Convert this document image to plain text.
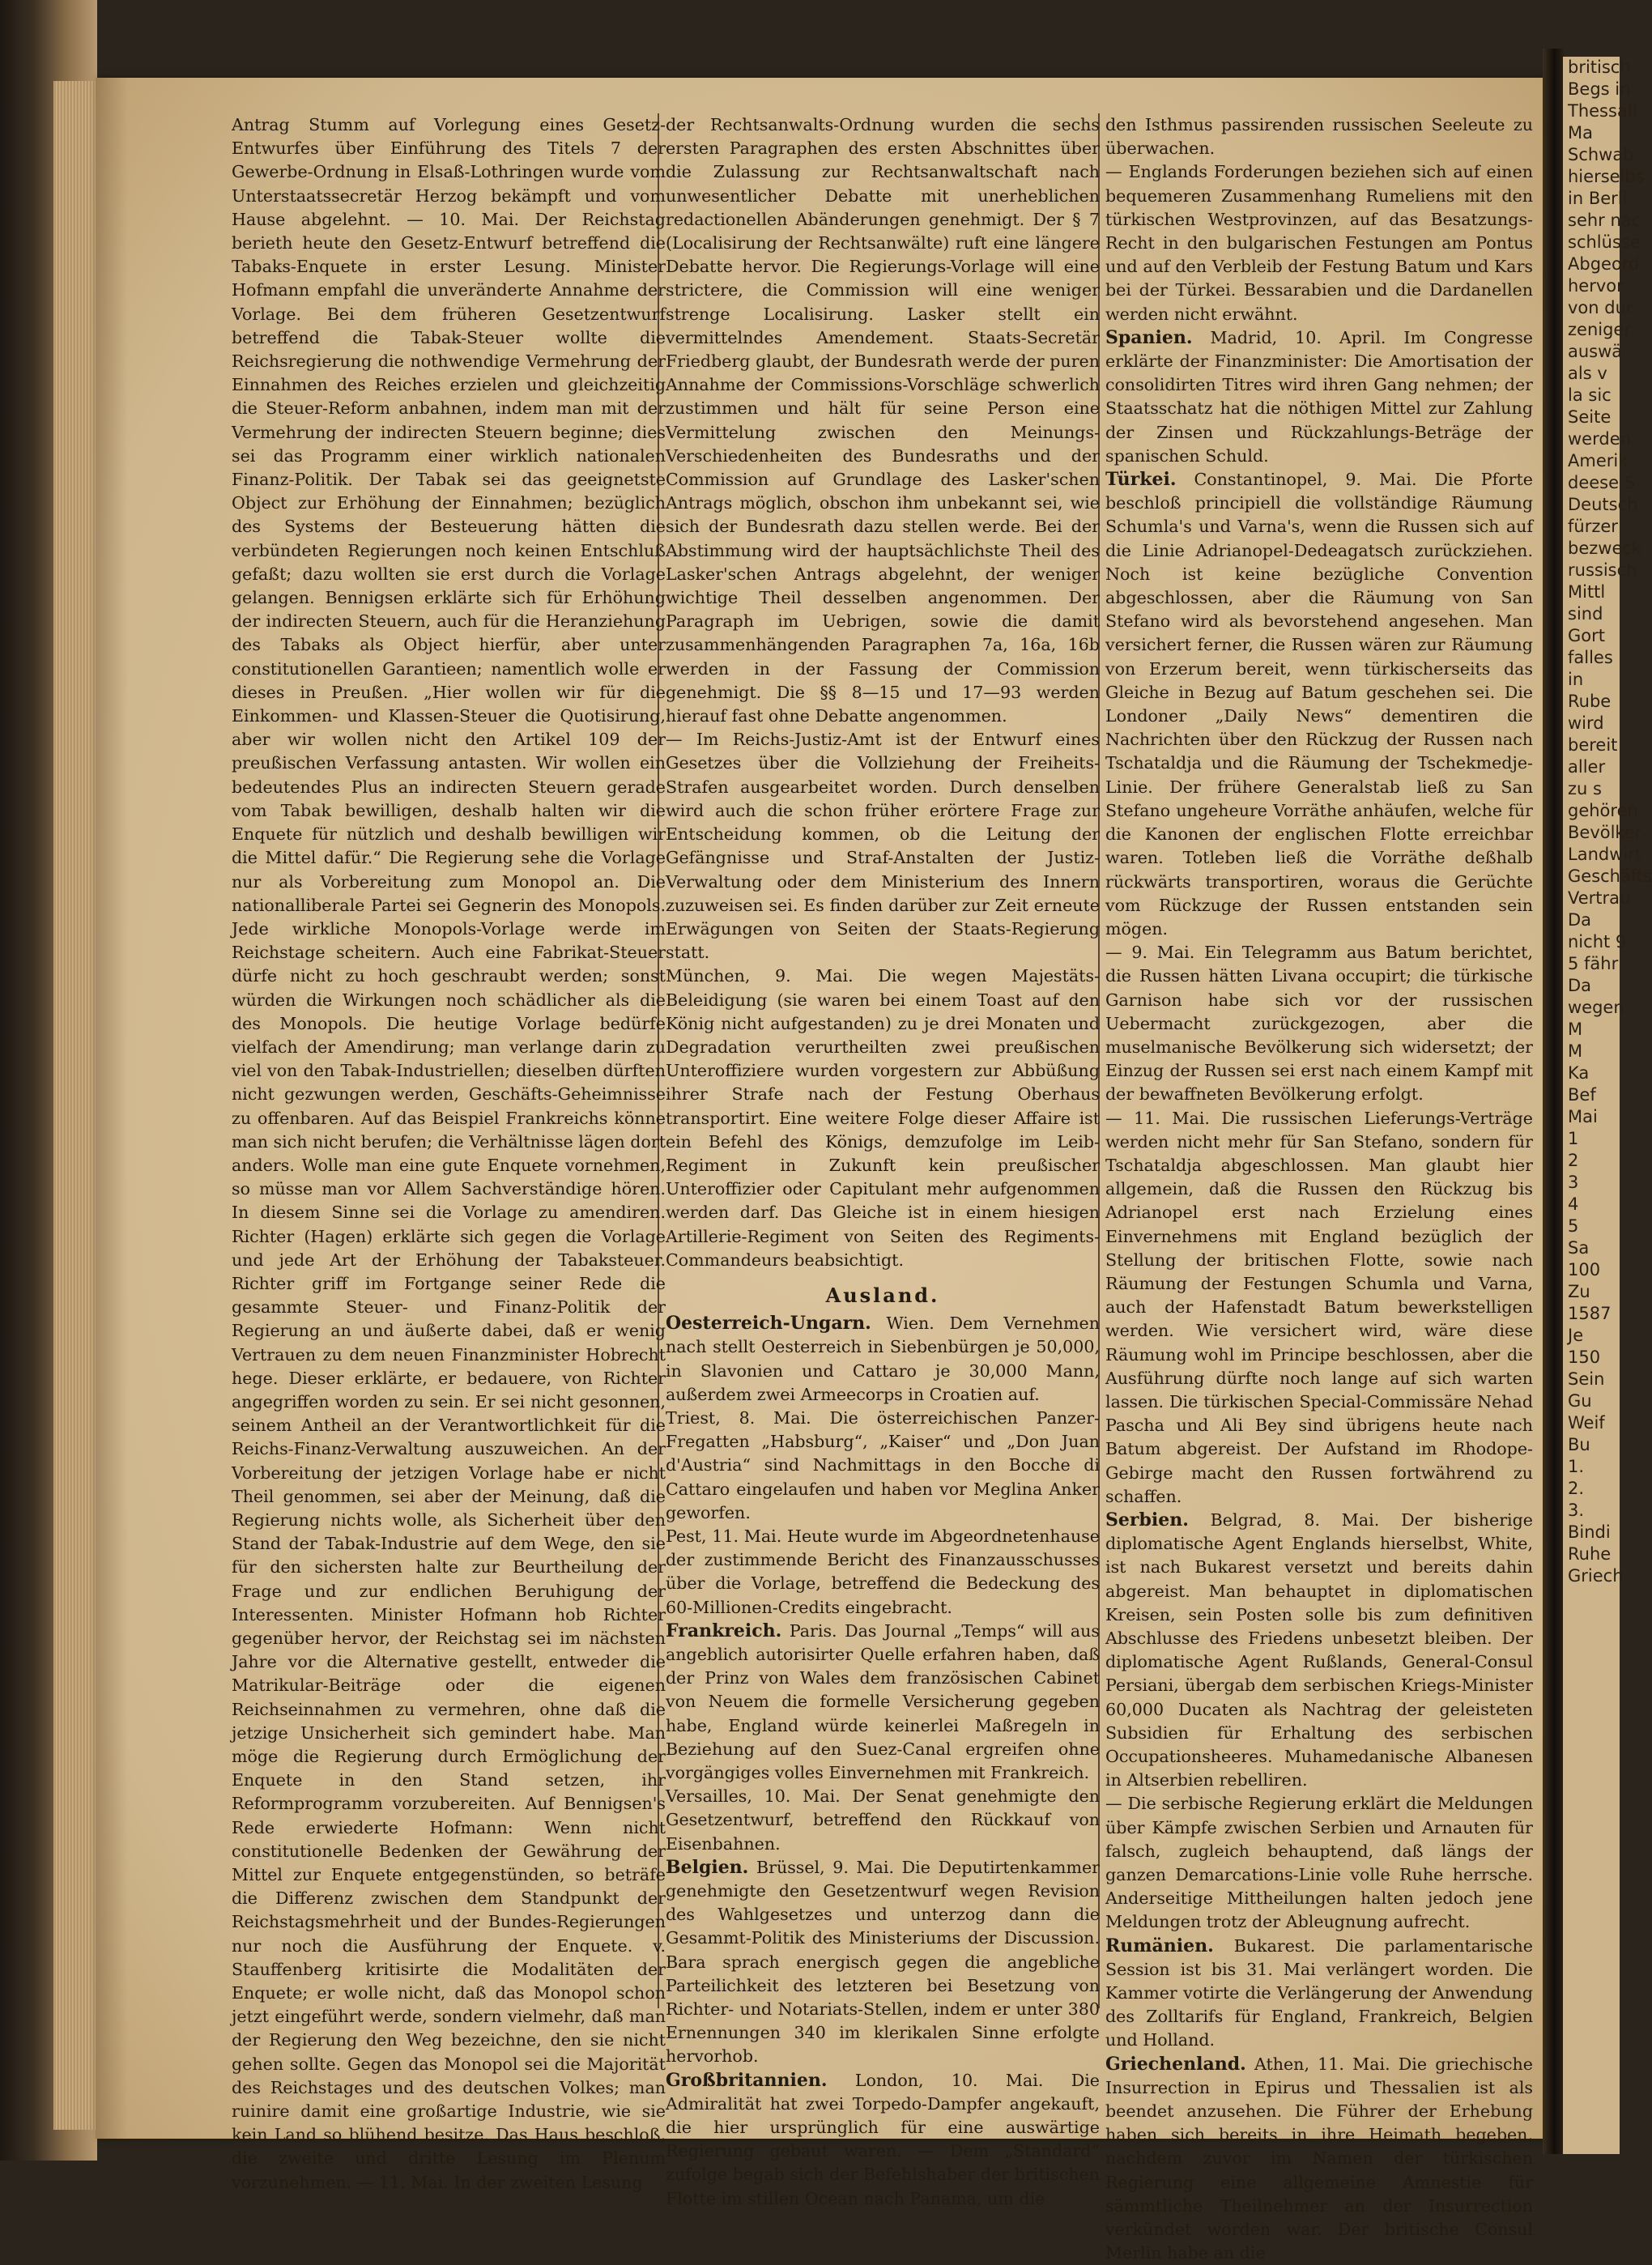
Antrag Stumm auf Vorlegung eines Gesetz-Entwurfes über Einführung des Titels 7 der Gewerbe-Ordnung in Elsaß-Lothringen wurde vom Unterstaatssecretär Herzog bekämpft und vom Hause abgelehnt. — 10. Mai. Der Reichstag berieth heute den Gesetz-Entwurf betreffend die Tabaks-Enquete in erster Lesung. Minister Hofmann empfahl die unveränderte Annahme der Vorlage. Bei dem früheren Gesetzentwurf betreffend die Tabak-Steuer wollte die Reichsregierung die nothwendige Vermehrung der Einnahmen des Reiches erzielen und gleichzeitig die Steuer-Reform anbahnen, indem man mit der Vermehrung der indirecten Steuern beginne; dies sei das Programm einer wirklich nationalen Finanz-Politik. Der Tabak sei das geeignetste Object zur Erhöhung der Einnahmen; bezüglich des Systems der Besteuerung hätten die verbündeten Regierungen noch keinen Entschluß gefaßt; dazu wollten sie erst durch die Vorlage gelangen. Bennigsen erklärte sich für Erhöhung der indirecten Steuern, auch für die Heranziehung des Tabaks als Object hierfür, aber unter constitutionellen Garantieen; namentlich wolle er dieses in Preußen. „Hier wollen wir für die Einkommen- und Klassen-Steuer die Quotisirung, aber wir wollen nicht den Artikel 109 der preußischen Verfassung antasten. Wir wollen ein bedeutendes Plus an indirecten Steuern gerade vom Tabak bewilligen, deshalb halten wir die Enquete für nützlich und deshalb bewilligen wir die Mittel dafür.“ Die Regierung sehe die Vorlage nur als Vorbereitung zum Monopol an. Die nationalliberale Partei sei Gegnerin des Monopols. Jede wirkliche Monopols-Vorlage werde im Reichstage scheitern. Auch eine Fabrikat-Steuer dürfe nicht zu hoch geschraubt werden; sonst würden die Wirkungen noch schädlicher als die des Monopols. Die heutige Vorlage bedürfe vielfach der Amendirung; man verlange darin zu viel von den Tabak-Industriellen; dieselben dürften nicht gezwungen werden, Geschäfts-Geheimnisse zu offenbaren. Auf das Beispiel Frankreichs könne man sich nicht berufen; die Verhältnisse lägen dort anders. Wolle man eine gute Enquete vornehmen, so müsse man vor Allem Sachverständige hören. In diesem Sinne sei die Vorlage zu amendiren. Richter (Hagen) erklärte sich gegen die Vorlage und jede Art der Erhöhung der Tabaksteuer. Richter griff im Fortgange seiner Rede die gesammte Steuer- und Finanz-Politik der Regierung an und äußerte dabei, daß er wenig Vertrauen zu dem neuen Finanzminister Hobrecht hege. Dieser erklärte, er bedauere, von Richter angegriffen worden zu sein. Er sei nicht gesonnen, seinem Antheil an der Verantwortlichkeit für die Reichs-Finanz-Verwaltung auszuweichen. An der Vorbereitung der jetzigen Vorlage habe er nicht Theil genommen, sei aber der Meinung, daß die Regierung nichts wolle, als Sicherheit über den Stand der Tabak-Industrie auf dem Wege, den sie für den sichersten halte zur Beurtheilung der Frage und zur endlichen Beruhigung der Interessenten. Minister Hofmann hob Richter gegenüber hervor, der Reichstag sei im nächsten Jahre vor die Alternative gestellt, entweder die Matrikular-Beiträge oder die eigenen Reichseinnahmen zu vermehren, ohne daß die jetzige Unsicherheit sich gemindert habe. Man möge die Regierung durch Ermöglichung der Enquete in den Stand setzen, ihr Reformprogramm vorzubereiten. Auf Bennigsen's Rede erwiederte Hofmann: Wenn nicht constitutionelle Bedenken der Gewährung der Mittel zur Enquete entgegenstünden, so beträfe die Differenz zwischen dem Standpunkt der Reichstagsmehrheit und der Bundes-Regierungen nur noch die Ausführung der Enquete. v. Stauffenberg kritisirte die Modalitäten der Enquete; er wolle nicht, daß das Monopol schon jetzt eingeführt werde, sondern vielmehr, daß man der Regierung den Weg bezeichne, den sie nicht gehen sollte. Gegen das Monopol sei die Majorität des Reichstages und des deutschen Volkes; man ruinire damit eine großartige Industrie, wie sie kein Land so blühend besitze. Das Haus beschloß, die zweite und dritte Lesung im Plenum vorzunehmen. — 11. Mai. In der zweiten Lesung

der Rechtsanwalts-Ordnung wurden die sechs ersten Paragraphen des ersten Abschnittes über die Zulassung zur Rechtsanwaltschaft nach unwesentlicher Debatte mit unerheblichen redactionellen Abänderungen genehmigt. Der § 7 (Localisirung der Rechtsanwälte) ruft eine längere Debatte hervor. Die Regierungs-Vorlage will eine strictere, die Commission will eine weniger strenge Localisirung. Lasker stellt ein vermittelndes Amendement. Staats-Secretär Friedberg glaubt, der Bundesrath werde der puren Annahme der Commissions-Vorschläge schwerlich zustimmen und hält für seine Person eine Vermittelung zwischen den Meinungs-Verschiedenheiten des Bundesraths und der Commission auf Grundlage des Lasker'schen Antrags möglich, obschon ihm unbekannt sei, wie sich der Bundesrath dazu stellen werde. Bei der Abstimmung wird der hauptsächlichste Theil des Lasker'schen Antrags abgelehnt, der weniger wichtige Theil desselben angenommen. Der Paragraph im Uebrigen, sowie die damit zusammenhängenden Paragraphen 7a, 16a, 16b werden in der Fassung der Commission genehmigt. Die §§ 8—15 und 17—93 werden hierauf fast ohne Debatte angenommen.

— Im Reichs-Justiz-Amt ist der Entwurf eines Gesetzes über die Vollziehung der Freiheits-Strafen ausgearbeitet worden. Durch denselben wird auch die schon früher erörtere Frage zur Entscheidung kommen, ob die Leitung der Gefängnisse und Straf-Anstalten der Justiz-Verwaltung oder dem Ministerium des Innern zuzuweisen sei. Es finden darüber zur Zeit erneute Erwägungen von Seiten der Staats-Regierung statt.

München, 9. Mai. Die wegen Majestäts-Beleidigung (sie waren bei einem Toast auf den König nicht aufgestanden) zu je drei Monaten und Degradation verurtheilten zwei preußischen Unteroffiziere wurden vorgestern zur Abbüßung ihrer Strafe nach der Festung Oberhaus transportirt. Eine weitere Folge dieser Affaire ist ein Befehl des Königs, demzufolge im Leib-Regiment in Zukunft kein preußischer Unteroffizier oder Capitulant mehr aufgenommen werden darf. Das Gleiche ist in einem hiesigen Artillerie-Regiment von Seiten des Regiments-Commandeurs beabsichtigt.

Ausland.

Oesterreich-Ungarn. Wien. Dem Vernehmen nach stellt Oesterreich in Siebenbürgen je 50,000, in Slavonien und Cattaro je 30,000 Mann, außerdem zwei Armeecorps in Croatien auf.

Triest, 8. Mai. Die österreichischen Panzer-Fregatten „Habsburg“, „Kaiser“ und „Don Juan d'Austria“ sind Nachmittags in den Bocche di Cattaro eingelaufen und haben vor Meglina Anker geworfen.

Pest, 11. Mai. Heute wurde im Abgeordnetenhause der zustimmende Bericht des Finanzausschusses über die Vorlage, betreffend die Bedeckung des 60-Millionen-Credits eingebracht.

Frankreich. Paris. Das Journal „Temps“ will aus angeblich autorisirter Quelle erfahren haben, daß der Prinz von Wales dem französischen Cabinet von Neuem die formelle Versicherung gegeben habe, England würde keinerlei Maßregeln in Beziehung auf den Suez-Canal ergreifen ohne vorgängiges volles Einvernehmen mit Frankreich.

Versailles, 10. Mai. Der Senat genehmigte den Gesetzentwurf, betreffend den Rückkauf von Eisenbahnen.

Belgien. Brüssel, 9. Mai. Die Deputirtenkammer genehmigte den Gesetzentwurf wegen Revision des Wahlgesetzes und unterzog dann die Gesammt-Politik des Ministeriums der Discussion. Bara sprach energisch gegen die angebliche Parteilichkeit des letzteren bei Besetzung von Richter- und Notariats-Stellen, indem er unter 380 Ernennungen 340 im klerikalen Sinne erfolgte hervorhob.

Großbritannien. London, 10. Mai. Die Admiralität hat zwei Torpedo-Dampfer angekauft, die hier ursprünglich für eine auswärtige Regierung gebaut waren. — Dem „Standard“ zufolge begab sich der Befehlshaber der britischen Flotte im stillen Ocean nach Panama, um die

den Isthmus passirenden russischen Seeleute zu überwachen.

— Englands Forderungen beziehen sich auf einen bequemeren Zusammenhang Rumeliens mit den türkischen Westprovinzen, auf das Besatzungs-Recht in den bulgarischen Festungen am Pontus und auf den Verbleib der Festung Batum und Kars bei der Türkei. Bessarabien und die Dardanellen werden nicht erwähnt.

Spanien. Madrid, 10. April. Im Congresse erklärte der Finanzminister: Die Amortisation der consolidirten Titres wird ihren Gang nehmen; der Staatsschatz hat die nöthigen Mittel zur Zahlung der Zinsen und Rückzahlungs-Beträge der spanischen Schuld.

Türkei. Constantinopel, 9. Mai. Die Pforte beschloß principiell die vollständige Räumung Schumla's und Varna's, wenn die Russen sich auf die Linie Adrianopel-Dedeagatsch zurückziehen. Noch ist keine bezügliche Convention abgeschlossen, aber die Räumung von San Stefano wird als bevorstehend angesehen. Man versichert ferner, die Russen wären zur Räumung von Erzerum bereit, wenn türkischerseits das Gleiche in Bezug auf Batum geschehen sei. Die Londoner „Daily News“ dementiren die Nachrichten über den Rückzug der Russen nach Tschataldja und die Räumung der Tschekmedje-Linie. Der frühere Generalstab ließ zu San Stefano ungeheure Vorräthe anhäufen, welche für die Kanonen der englischen Flotte erreichbar waren. Totleben ließ die Vorräthe deßhalb rückwärts transportiren, woraus die Gerüchte vom Rückzuge der Russen entstanden sein mögen.

— 9. Mai. Ein Telegramm aus Batum berichtet, die Russen hätten Livana occupirt; die türkische Garnison habe sich vor der russischen Uebermacht zurückgezogen, aber die muselmanische Bevölkerung sich widersetzt; der Einzug der Russen sei erst nach einem Kampf mit der bewaffneten Bevölkerung erfolgt.

— 11. Mai. Die russischen Lieferungs-Verträge werden nicht mehr für San Stefano, sondern für Tschataldja abgeschlossen. Man glaubt hier allgemein, daß die Russen den Rückzug bis Adrianopel erst nach Erzielung eines Einvernehmens mit England bezüglich der Stellung der britischen Flotte, sowie nach Räumung der Festungen Schumla und Varna, auch der Hafenstadt Batum bewerkstelligen werden. Wie versichert wird, wäre diese Räumung wohl im Principe beschlossen, aber die Ausführung dürfte noch lange auf sich warten lassen. Die türkischen Special-Commissäre Nehad Pascha und Ali Bey sind übrigens heute nach Batum abgereist. Der Aufstand im Rhodope-Gebirge macht den Russen fortwährend zu schaffen.

Serbien. Belgrad, 8. Mai. Der bisherige diplomatische Agent Englands hierselbst, White, ist nach Bukarest versetzt und bereits dahin abgereist. Man behauptet in diplomatischen Kreisen, sein Posten solle bis zum definitiven Abschlusse des Friedens unbesetzt bleiben. Der diplomatische Agent Rußlands, General-Consul Persiani, übergab dem serbischen Kriegs-Minister 60,000 Ducaten als Nachtrag der geleisteten Subsidien für Erhaltung des serbischen Occupationsheeres. Muhamedanische Albanesen in Altserbien rebelliren.

— Die serbische Regierung erklärt die Meldungen über Kämpfe zwischen Serbien und Arnauten für falsch, zugleich behauptend, daß längs der ganzen Demarcations-Linie volle Ruhe herrsche. Anderseitige Mittheilungen halten jedoch jene Meldungen trotz der Ableugnung aufrecht.

Rumänien. Bukarest. Die parlamentarische Session ist bis 31. Mai verlängert worden. Die Kammer votirte die Verlängerung der Anwendung des Zolltarifs für England, Frankreich, Belgien und Holland.

Griechenland. Athen, 11. Mai. Die griechische Insurrection in Epirus und Thessalien ist als beendet anzusehen. Die Führer der Erhebung haben sich bereits in ihre Heimath begeben, nachdem zuvor im Namen der türkischen Regierung eine allgemeine Amnestie für sämmtliche Theilnehmer an der Insurrection verkündet worden war. Der britische Consul Merlin habe an die

britisch
Begs in
Thessali
Ma
Schwab
hierselbs
in Berli
sehr nac
schlüsse
Abgeord
hervor
von dur
zeniger
auswä
als v
la sic
Seite
werden
Amerik
deese S
Deutsch
fürzer
bezweck
russisch
Mittl
sind
Gort
falles
in
Rube
wird
bereit
aller
zu s
gehören
Bevölker
Landwirt
Geschäfts
Vertrau
Da
nicht 9
5 fähr
Da
wegen
M
M
Ka
Bef
Mai
1
2
3
4
5
Sa
100
Zu
1587
Je
150
Sein
Gu
Weif
Bu
1.
2.
3.
Bindi
Ruhe
Griech
